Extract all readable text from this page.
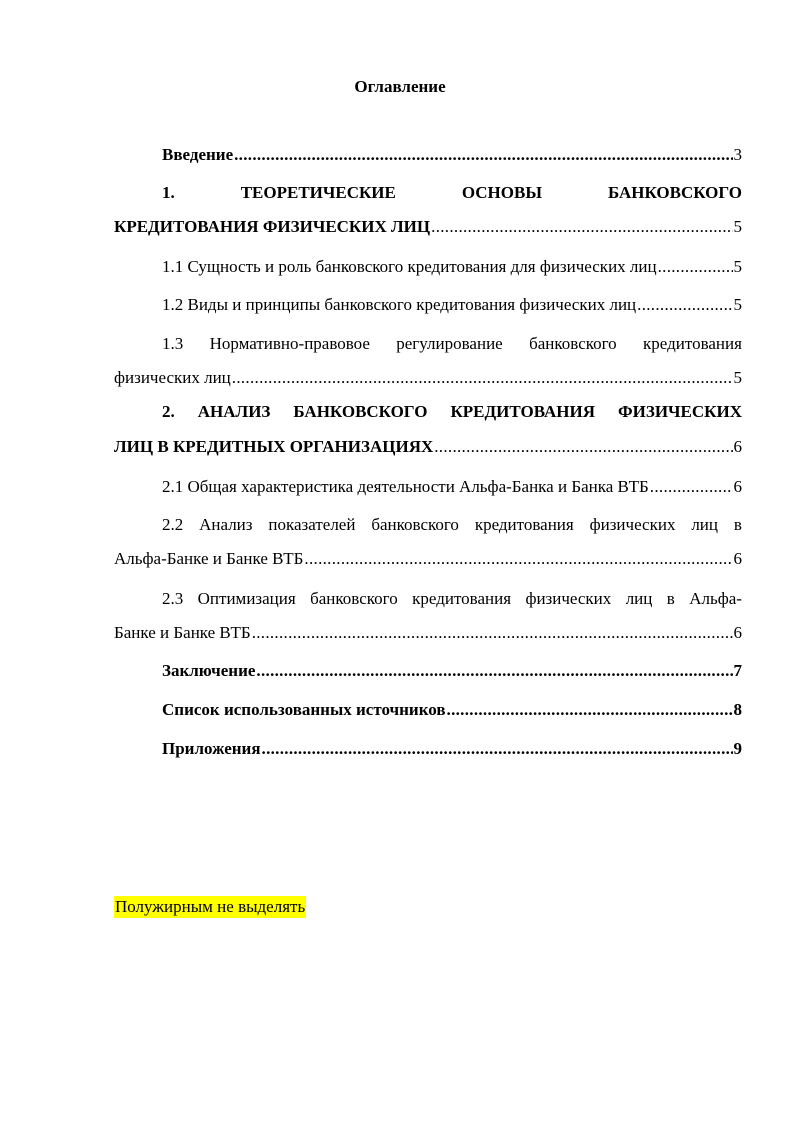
Оглавление
Введение .....	3
1.	ТЕОРЕТИЧЕСКИЕ	ОСНОВЫ	БАНКОВСКОГО
КРЕДИТОВАНИЯ ФИЗИЧЕСКИХ ЛИЦ .....	5
1.1 Сущность и роль банковского кредитования для физических лиц .....	5
1.2 Виды и принципы банковского кредитования физических лиц .....	5
1.3 Нормативно-правовое регулирование банковского кредитования
физических лиц .....	5
2. АНАЛИЗ БАНКОВСКОГО КРЕДИТОВАНИЯ ФИЗИЧЕСКИХ
ЛИЦ В КРЕДИТНЫХ ОРГАНИЗАЦИЯХ .....	6
2.1 Общая характеристика деятельности Альфа-Банка и Банка ВТБ .....	6
2.2 Анализ показателей банковского кредитования физических лиц в
Альфа-Банке и Банке ВТБ .....	6
2.3 Оптимизация банковского кредитования физических лиц в Альфа-
Банке и Банке ВТБ .....	6
Заключение .....	7
Список использованных источников .....	8
Приложения .....	9
Полужирным не выделять
